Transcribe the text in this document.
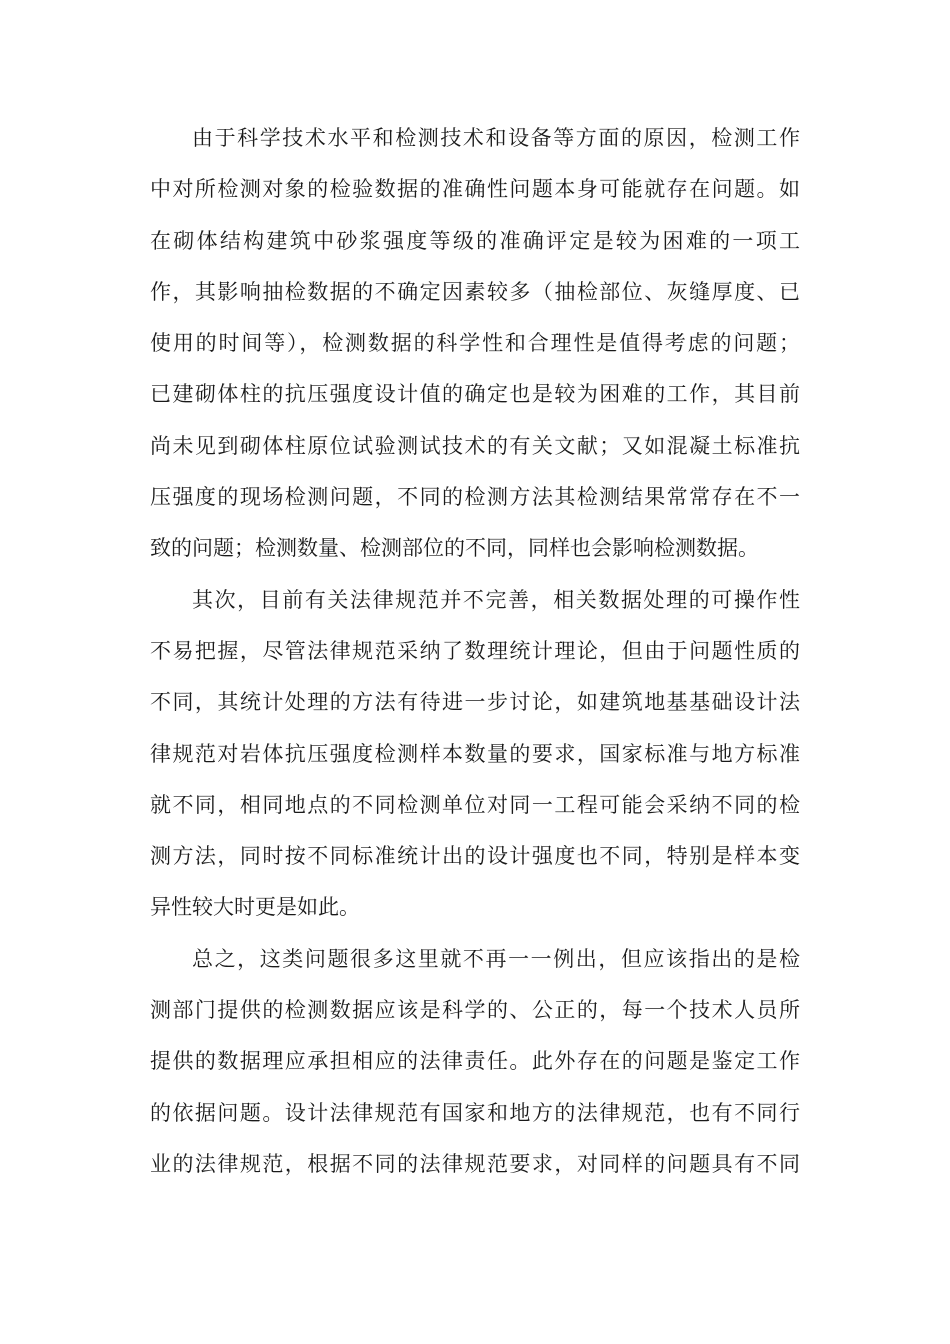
由于科学技术水平和检测技术和设备等方面的原因，检测工作
中对所检测对象的检验数据的准确性问题本身可能就存在问题。如
在砌体结构建筑中砂浆强度等级的准确评定是较为困难的一项工
作，其影响抽检数据的不确定因素较多（抽检部位、灰缝厚度、已
使用的时间等），检测数据的科学性和合理性是值得考虑的问题；
已建砌体柱的抗压强度设计值的确定也是较为困难的工作，其目前
尚未见到砌体柱原位试验测试技术的有关文献；又如混凝土标准抗
压强度的现场检测问题，不同的检测方法其检测结果常常存在不一
致的问题；检测数量、检测部位的不同，同样也会影响检测数据。
其次，目前有关法律规范并不完善，相关数据处理的可操作性
不易把握，尽管法律规范采纳了数理统计理论，但由于问题性质的
不同，其统计处理的方法有待进一步讨论，如建筑地基基础设计法
律规范对岩体抗压强度检测样本数量的要求，国家标准与地方标准
就不同，相同地点的不同检测单位对同一工程可能会采纳不同的检
测方法，同时按不同标准统计出的设计强度也不同，特别是样本变
异性较大时更是如此。
总之，这类问题很多这里就不再一一例出，但应该指出的是检
测部门提供的检测数据应该是科学的、公正的，每一个技术人员所
提供的数据理应承担相应的法律责任。此外存在的问题是鉴定工作
的依据问题。设计法律规范有国家和地方的法律规范，也有不同行
业的法律规范，根据不同的法律规范要求，对同样的问题具有不同
